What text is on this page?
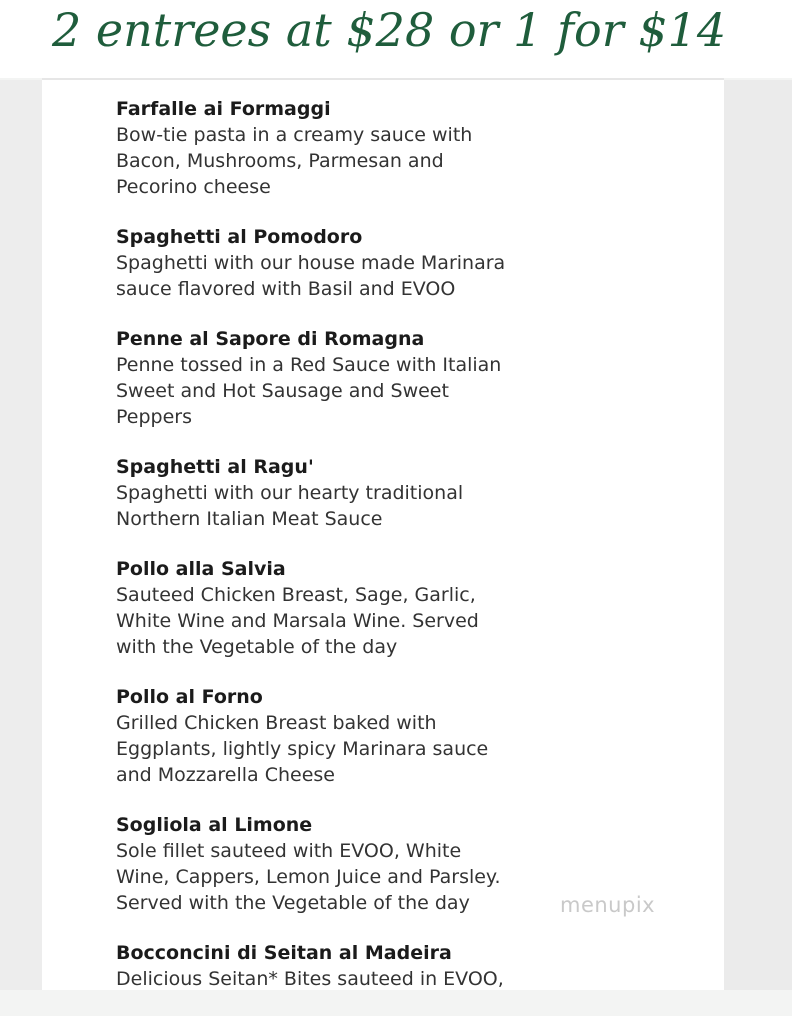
2 entrees at $28 or 1 for $14
Farfalle ai Formaggi
Bow-tie pasta in a creamy sauce with
Bacon, Mushrooms, Parmesan and
Pecorino cheese
Spaghetti al Pomodoro
Spaghetti with our house made Marinara
sauce flavored with Basil and EVOO
Penne al Sapore di Romagna
Penne tossed in a Red Sauce with Italian
Sweet and Hot Sausage and Sweet
Peppers
Spaghetti al Ragu'
Spaghetti with our hearty traditional
Northern Italian Meat Sauce
Pollo alla Salvia
Sauteed Chicken Breast, Sage, Garlic,
White Wine and Marsala Wine. Served
with the Vegetable of the day
Pollo al Forno
Grilled Chicken Breast baked with
Eggplants, lightly spicy Marinara sauce
and Mozzarella Cheese
Sogliola al Limone
Sole fillet sauteed with EVOO, White
Wine, Cappers, Lemon Juice and Parsley.
Served with the Vegetable of the day
Bocconcini di Seitan al Madeira
Delicious Seitan* Bites sauteed in EVOO,
menupix
